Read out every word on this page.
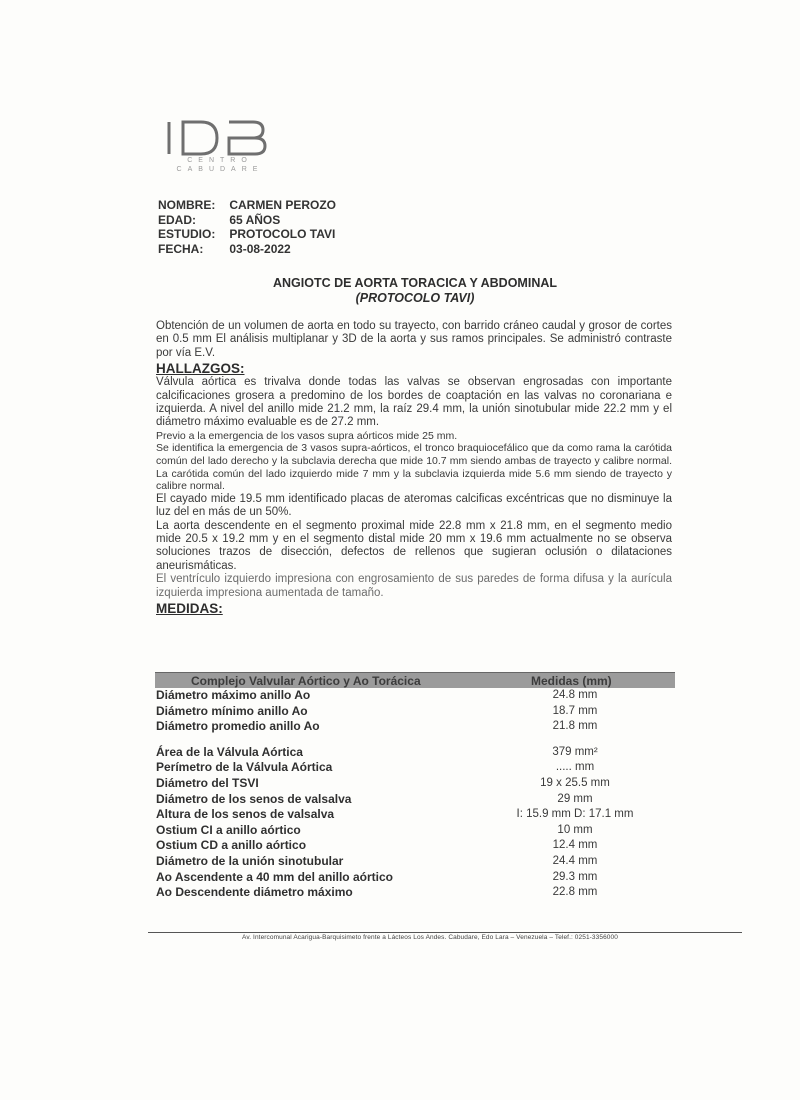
CENTRO CABUDARE
NOMBRE: CARMEN PEROZO
EDAD:	65 AÑOS
ESTUDIO: PROTOCOLO TAVI
FECHA: 03-08-2022
ANGIOTC DE AORTA TORACICA Y ABDOMINAL
(PROTOCOLO TAVI)

Obtención de un volumen de aorta en todo su trayecto, con barrido cráneo caudal y grosor de cortes en 0.5 mm El análisis multiplanar y 3D de la aorta y sus ramos principales. Se administró contraste por vía E.V.

HALLAZGOS:

Válvula aórtica es trivalva donde todas las valvas se observan engrosadas con importante calcificaciones grosera a predomino de los bordes de coaptación en las valvas no coronariana e izquierda. A nivel del anillo mide 21.2 mm, la raíz 29.4 mm, la unión sinotubular mide 22.2 mm y el diámetro máximo evaluable es de 27.2 mm.

Previo a la emergencia de los vasos supra aórticos mide 25 mm.

Se identifica la emergencia de 3 vasos supra-aórticos, el tronco braquiocefálico que da como rama la carótida común del lado derecho y la subclavia derecha que mide 10.7 mm siendo ambas de trayecto y calibre normal. La carótida común del lado izquierdo mide 7 mm y la subclavia izquierda mide 5.6 mm siendo de trayecto y calibre normal.

El cayado mide 19.5 mm identificado placas de ateromas calcificas excéntricas que no disminuye la luz del en más de un 50%.

La aorta descendente en el segmento proximal mide 22.8 mm x 21.8 mm, en el segmento medio mide 20.5 x 19.2 mm y en el segmento distal mide 20 mm x 19.6 mm actualmente no se observa soluciones trazos de disección, defectos de rellenos que sugieran oclusión o dilataciones aneurismáticas.

El ventrículo izquierdo impresiona con engrosamiento de sus paredes de forma difusa y la aurícula izquierda impresiona aumentada de tamaño.

MEDIDAS:
Complejo Valvular Aórtico y Ao Torácica	Medidas (mm)
Diámetro máximo anillo Ao	24.8 mm
Diámetro mínimo anillo Ao	18.7 mm
Diámetro promedio anillo Ao	21.8 mm
Área de la Válvula Aórtica	379 mm²
Perímetro de la Válvula Aórtica	..... mm
Diámetro del TSVI	19 x 25.5 mm
Diámetro de los senos de valsalva	29 mm
Altura de los senos de valsalva	I: 15.9 mm D: 17.1 mm
Ostium CI a anillo aórtico	10 mm
Ostium CD a anillo aórtico	12.4 mm
Diámetro de la unión sinotubular	24.4 mm
Ao Ascendente a 40 mm del anillo aórtico	29.3 mm
Ao Descendente diámetro máximo	22.8 mm
Av. Intercomunal Acarigua-Barquisimeto frente a Lácteos Los Andes. Cabudare, Edo Lara – Venezuela – Telef.: 0251-3356000
